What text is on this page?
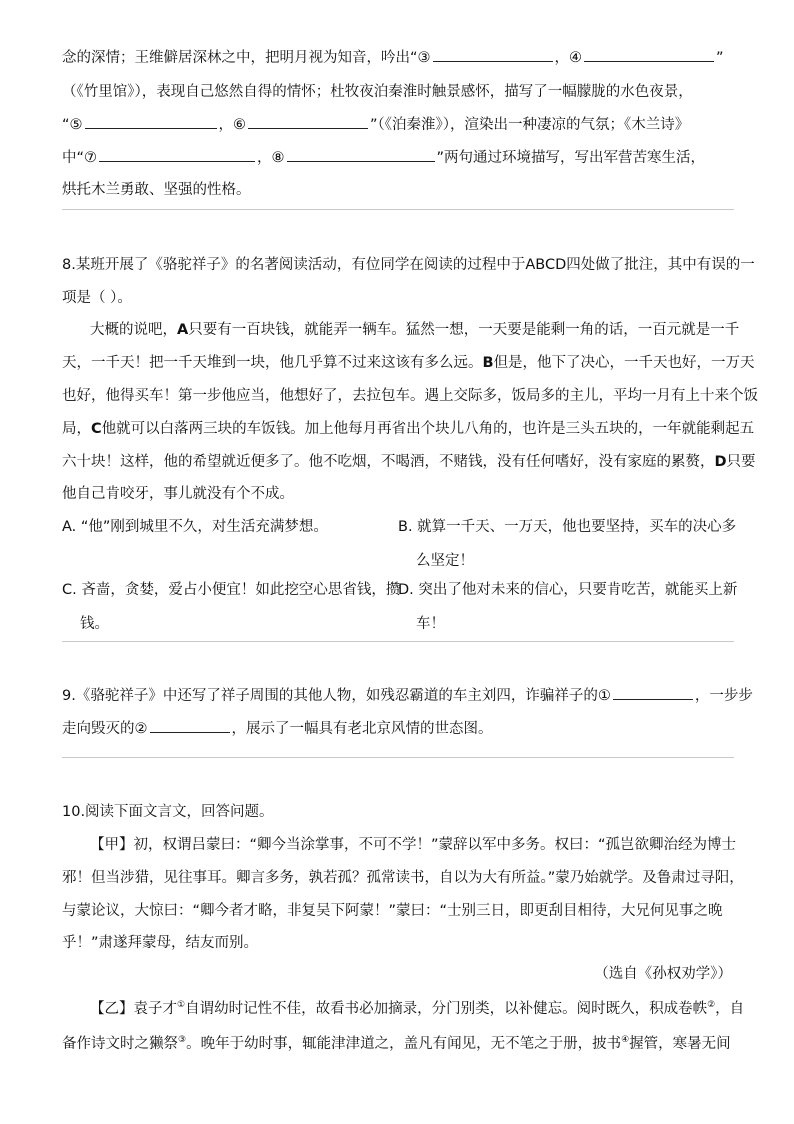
念的深情；王维僻居深林之中，把明月视为知音，吟出“③	，④	”
（《竹里馆》），表现自己悠然自得的情怀；杜牧夜泊秦淮时触景感怀，描写了一幅朦胧的水色夜景，
“⑤	，⑥	”（《泊秦淮》），渲染出一种凄凉的气氛；《木兰诗》
中“⑦	，⑧	”两句通过环境描写，写出军营苦寒生活，
烘托木兰勇敢、坚强的性格。
8.某班开展了《骆驼祥子》的名著阅读活动，有位同学在阅读的过程中于ABCD四处做了批注，其中有误的一
项是（ ）。
大概的说吧，A只要有一百块钱，就能弄一辆车。猛然一想，一天要是能剩一角的话，一百元就是一千
天，一千天！把一千天堆到一块，他几乎算不过来这该有多么远。B但是，他下了决心，一千天也好，一万天
也好，他得买车！第一步他应当，他想好了，去拉包车。遇上交际多，饭局多的主儿，平均一月有上十来个饭
局，C他就可以白落两三块的车饭钱。加上他每月再省出个块儿八角的，也许是三头五块的，一年就能剩起五
六十块！这样，他的希望就近便多了。他不吃烟，不喝酒，不赌钱，没有任何嗜好，没有家庭的累赘，D只要
他自己肯咬牙，事儿就没有个不成。
A. “他”刚到城里不久，对生活充满梦想。	B. 就算一千天、一万天，他也要坚持，买车的决心多
么坚定！
C. 吝啬，贪婪，爱占小便宜！如此挖空心思省钱，攒
钱。
D. 突出了他对未来的信心，只要肯吃苦，就能买上新
车！
9.《骆驼祥子》中还写了祥子周围的其他人物，如残忍霸道的车主刘四，诈骗祥子的①	，一步步
走向毁灭的②	，展示了一幅具有老北京风情的世态图。
10.阅读下面文言文，回答问题。
【甲】初，权谓吕蒙曰：“卿今当涂掌事，不可不学！”蒙辞以军中多务。权曰：“孤岂欲卿治经为博士
邪！但当涉猎，见往事耳。卿言多务，孰若孤？孤常读书，自以为大有所益。”蒙乃始就学。及鲁肃过寻阳，
与蒙论议，大惊曰：“卿今者才略，非复吴下阿蒙！”蒙曰：“士别三日，即更刮目相待，大兄何见事之晚
乎！”肃遂拜蒙母，结友而别。
（选自《孙权劝学》）
【乙】袁子才①自谓幼时记性不佳，故看书必加摘录，分门别类，以补健忘。阅时既久，积成卷帙②，自
备作诗文时之獭祭③。晚年于幼时事，辄能津津道之，盖凡有闻见，无不笔之于册，披书④握管，寒暑无间
